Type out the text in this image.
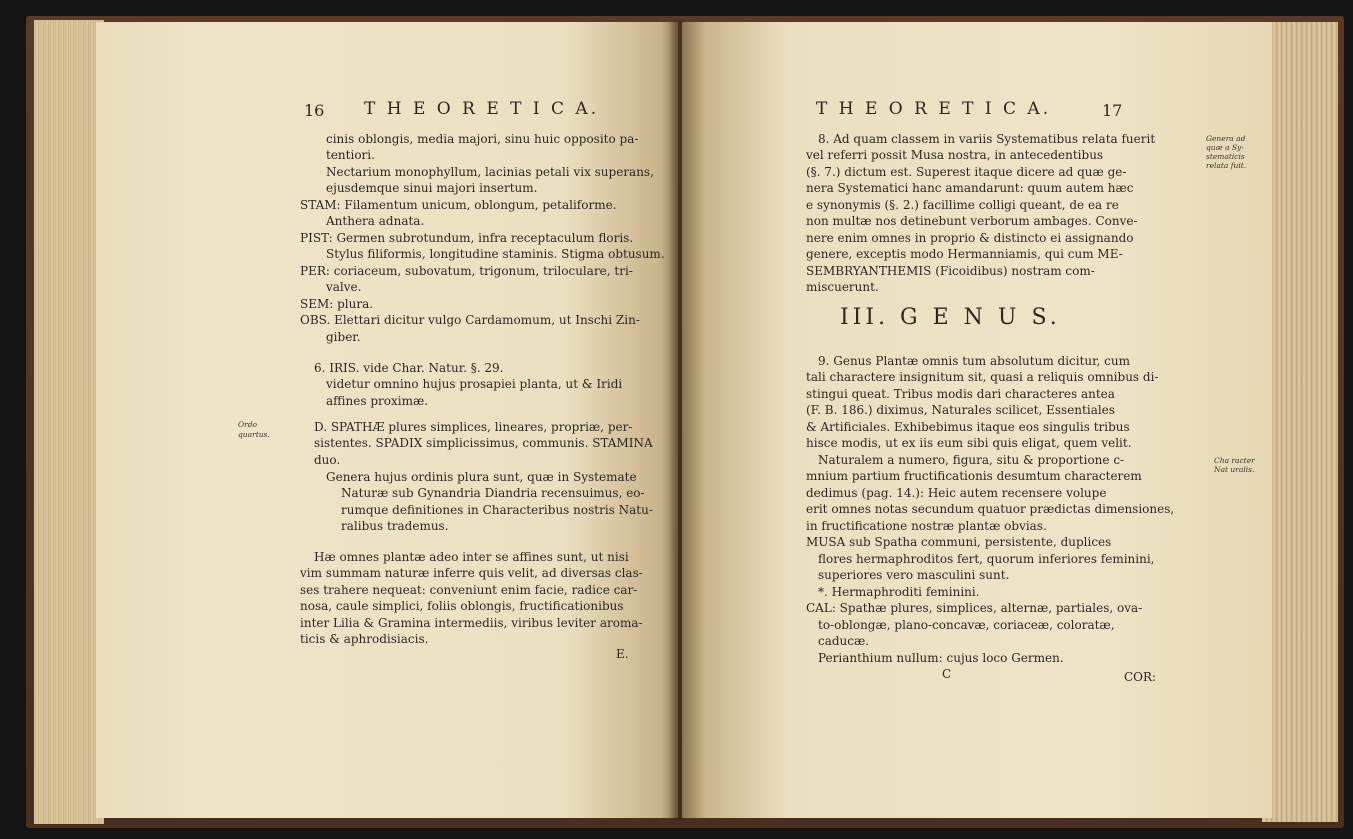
16 T H E O R E T I C A.
cinis oblongis, media majori, sinu huic opposito pa-
tentiori.
Nectarium monophyllum, lacinias petali vix superans,
ejusdemque sinui majori insertum.
STAM: Filamentum unicum, oblongum, petaliforme.
Anthera adnata.
PIST: Germen subrotundum, infra receptaculum floris.
Stylus filiformis, longitudine staminis. Stigma obtusum.
PER: coriaceum, subovatum, trigonum, triloculare, tri-
valve.
SEM: plura.
OBS. Elettari dicitur vulgo Cardamomum, ut Inschi Zin-
giber.
6. IRIS. vide Char. Natur. §. 29.
videtur omnino hujus prosapiei planta, ut & Iridi
affines proximæ.
Ordo
quartus.
D. SPATHÆ plures simplices, lineares, propriæ, per-
sistentes. SPADIX simplicissimus, communis. STAMINA
duo.
Genera hujus ordinis plura sunt, quæ in Systemate
Naturæ sub Gynandria Diandria recensuimus, eo-
rumque definitiones in Characteribus nostris Natu-
ralibus trademus.
Hæ omnes plantæ adeo inter se affines sunt, ut nisi
vim summam naturæ inferre quis velit, ad diversas clas-
ses trahere nequeat: conveniunt enim facie, radice car-
nosa, caule simplici, foliis oblongis, fructificationibus
inter Lilia & Gramina intermediis, viribus leviter aroma-
ticis & aphrodisiacis.
E.
T H E O R E T I C A.	17
8. Ad quam classem in variis Systematibus relata fuerit
vel referri possit Musa nostra, in antecedentibus
(§. 7.) dictum est. Superest itaque dicere ad quæ ge-
nera Systematici hanc amandarunt: quum autem hæc
e synonymis (§. 2.) facillime colligi queant, de ea re
non multæ nos detinebunt verborum ambages. Conve-
nere enim omnes in proprio & distincto ei assignando
genere, exceptis modo Hermanniamis, qui cum ME-
SEMBRYANTHEMIS (Ficoidibus) nostram com-
miscuerunt.
Genera ad
quæ a Sy-
stematicis
relata fuit.
III. G E N U S.
9. Genus Plantæ omnis tum absolutum dicitur, cum
tali charactere insignitum sit, quasi a reliquis omnibus di-
stingui queat. Tribus modis dari characteres antea
(F. B. 186.) diximus, Naturales scilicet, Essentiales
& Artificiales. Exhibebimus itaque eos singulis tribus
hisce modis, ut ex iis eum sibi quis eligat, quem velit.
Naturalem a numero, figura, situ & proportione c-
mnium partium fructificationis desumtum characterem
dedimus (pag. 14.): Heic autem recensere volupe
erit omnes notas secundum quatuor prædictas dimensiones,
in fructificatione nostræ plantæ obvias.
MUSA sub Spatha communi, persistente, duplices
flores hermaphroditos fert, quorum inferiores feminini,
superiores vero masculini sunt.
*. Hermaphroditi feminini.
CAL: Spathæ plures, simplices, alternæ, partiales, ova-
to-oblongæ, plano-concavæ, coriaceæ, coloratæ,
caducæ.
Perianthium nullum: cujus loco Germen.
Cha racter
Nat uralis.
C	COR:
